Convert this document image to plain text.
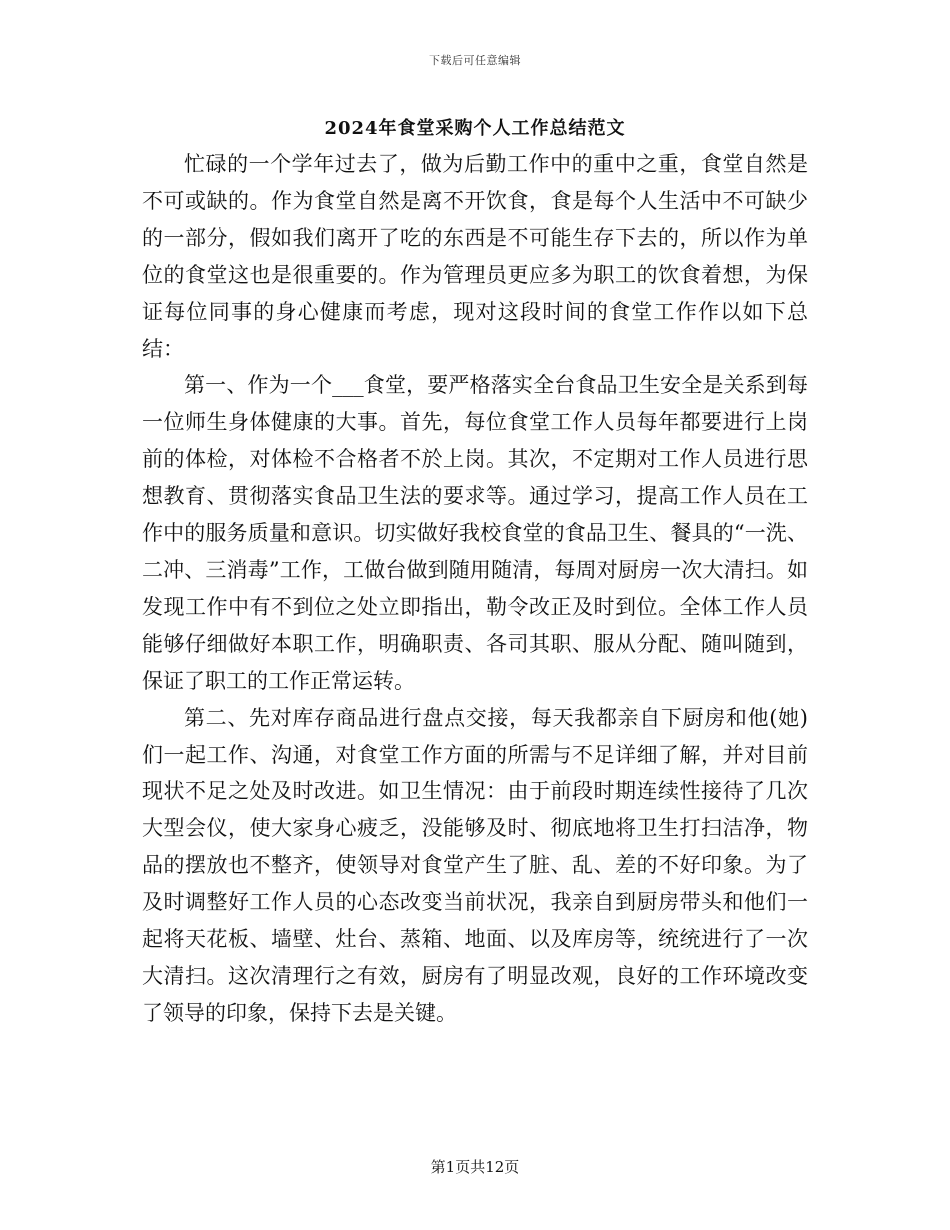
下载后可任意编辑
2024年食堂采购个人工作总结范文

忙碌的一个学年过去了，做为后勤工作中的重中之重，食堂自然是不可或缺的。作为食堂自然是离不开饮食，食是每个人生活中不可缺少的一部分，假如我们离开了吃的东西是不可能生存下去的，所以作为单位的食堂这也是很重要的。作为管理员更应多为职工的饮食着想，为保证每位同事的身心健康而考虑，现对这段时间的食堂工作作以如下总结：

第一、作为一个___食堂，要严格落实全台食品卫生安全是关系到每一位师生身体健康的大事。首先，每位食堂工作人员每年都要进行上岗前的体检，对体检不合格者不於上岗。其次，不定期对工作人员进行思想教育、贯彻落实食品卫生法的要求等。通过学习，提高工作人员在工作中的服务质量和意识。切实做好我校食堂的食品卫生、餐具的“一洗、二冲、三消毒”工作，工做台做到随用随清，每周对厨房一次大清扫。如发现工作中有不到位之处立即指出，勒令改正及时到位。全体工作人员能够仔细做好本职工作，明确职责、各司其职、服从分配、随叫随到，保证了职工的工作正常运转。

第二、先对库存商品进行盘点交接，每天我都亲自下厨房和他(她)们一起工作、沟通，对食堂工作方面的所需与不足详细了解，并对目前现状不足之处及时改进。如卫生情况：由于前段时期连续性接待了几次大型会仪，使大家身心疲乏，没能够及时、彻底地将卫生打扫洁净，物品的摆放也不整齐，使领导对食堂产生了脏、乱、差的不好印象。为了及时调整好工作人员的心态改变当前状况，我亲自到厨房带头和他们一起将天花板、墙壁、灶台、蒸箱、地面、以及库房等，统统进行了一次大清扫。这次清理行之有效，厨房有了明显改观，良好的工作环境改变了领导的印象，保持下去是关键。

第1页共12页
